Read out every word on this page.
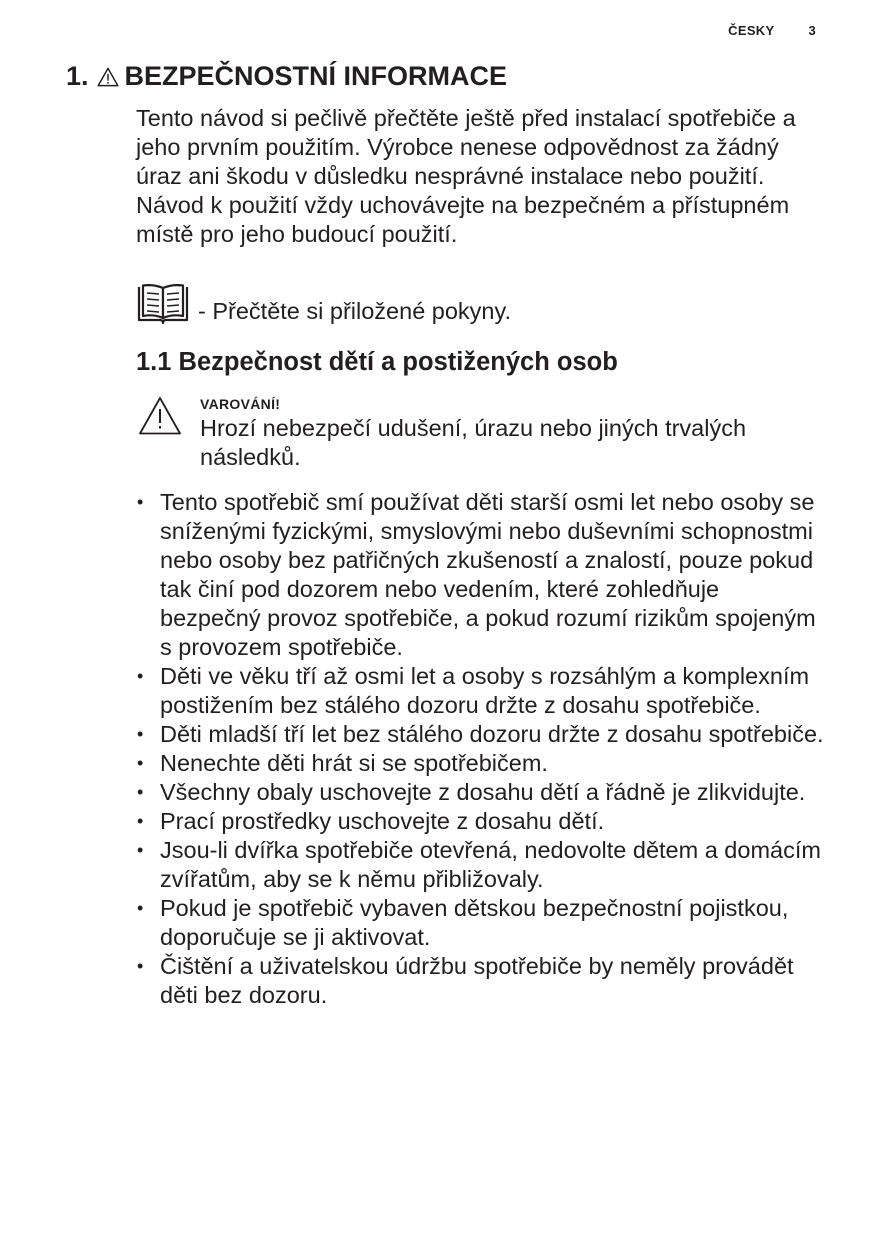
ČESKY	3
1. BEZPEČNOSTNÍ INFORMACE

Tento návod si pečlivě přečtěte ještě před instalací spotřebiče a jeho prvním použitím. Výrobce nenese odpovědnost za žádný úraz ani škodu v důsledku nesprávné instalace nebo použití. Návod k použití vždy uchovávejte na bezpečném a přístupném místě pro jeho budoucí použití.

- Přečtěte si přiložené pokyny.
1.1 Bezpečnost dětí a postižených osob
VAROVÁNÍ!
Hrozí nebezpečí udušení, úrazu nebo jiných trvalých následků.
• Tento spotřebič smí používat děti starší osmi let nebo osoby se sníženými fyzickými, smyslovými nebo duševními schopnostmi nebo osoby bez patřičných zkušeností a znalostí, pouze pokud tak činí pod dozorem nebo vedením, které zohledňuje bezpečný provoz spotřebiče, a pokud rozumí rizikům spojeným s provozem spotřebiče.
• Děti ve věku tří až osmi let a osoby s rozsáhlým a komplexním postižením bez stálého dozoru držte z dosahu spotřebiče.
• Děti mladší tří let bez stálého dozoru držte z dosahu spotřebiče.
• Nenechte děti hrát si se spotřebičem.
• Všechny obaly uschovejte z dosahu dětí a řádně je zlikvidujte.
• Prací prostředky uschovejte z dosahu dětí.
• Jsou-li dvířka spotřebiče otevřená, nedovolte dětem a domácím zvířatům, aby se k němu přibližovaly.
• Pokud je spotřebič vybaven dětskou bezpečnostní pojistkou, doporučuje se ji aktivovat.
• Čištění a uživatelskou údržbu spotřebiče by neměly provádět děti bez dozoru.
